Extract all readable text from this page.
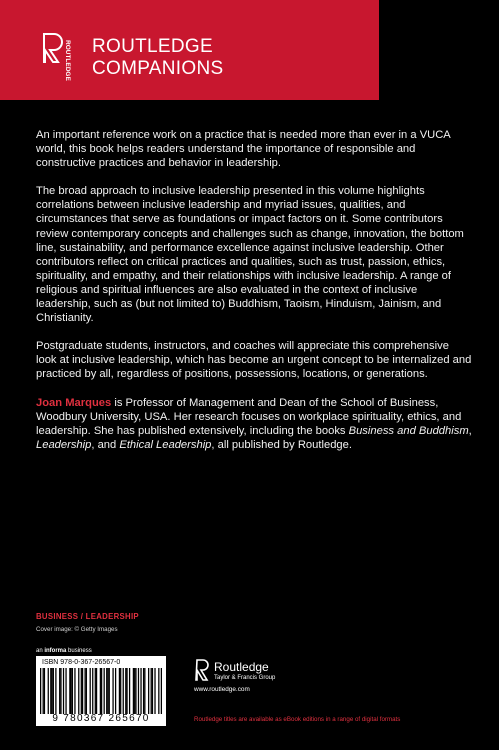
ROUTLEDGE ROUTLEDGE
COMPANIONS

An important reference work on a practice that is needed more than ever in a VUCA world, this book helps readers understand the importance of responsible and constructive practices and behavior in leadership.

The broad approach to inclusive leadership presented in this volume highlights correlations between inclusive leadership and myriad issues, qualities, and circumstances that serve as foundations or impact factors on it. Some contributors review contemporary concepts and challenges such as change, innovation, the bottom line, sustainability, and performance excellence against inclusive leadership. Other contributors reflect on critical practices and qualities, such as trust, passion, ethics, spirituality, and empathy, and their relationships with inclusive leadership. A range of religious and spiritual influences are also evaluated in the context of inclusive leadership, such as (but not limited to) Buddhism, Taoism, Hinduism, Jainism, and Christianity.

Postgraduate students, instructors, and coaches will appreciate this comprehensive look at inclusive leadership, which has become an urgent concept to be internalized and practiced by all, regardless of positions, possessions, locations, or generations.

Joan Marques is Professor of Management and Dean of the School of Business, Woodbury University, USA. Her research focuses on workplace spirituality, ethics, and leadership. She has published extensively, including the books Business and Buddhism, Leadership, and Ethical Leadership, all published by Routledge.

BUSINESS / LEADERSHIP
Cover image: © Getty Images
an informa business
ISBN 978-0-367-26567-0
9 780367 265670
Routledge
Taylor & Francis Group
www.routledge.com
Routledge titles are available as eBook editions in a range of digital formats
